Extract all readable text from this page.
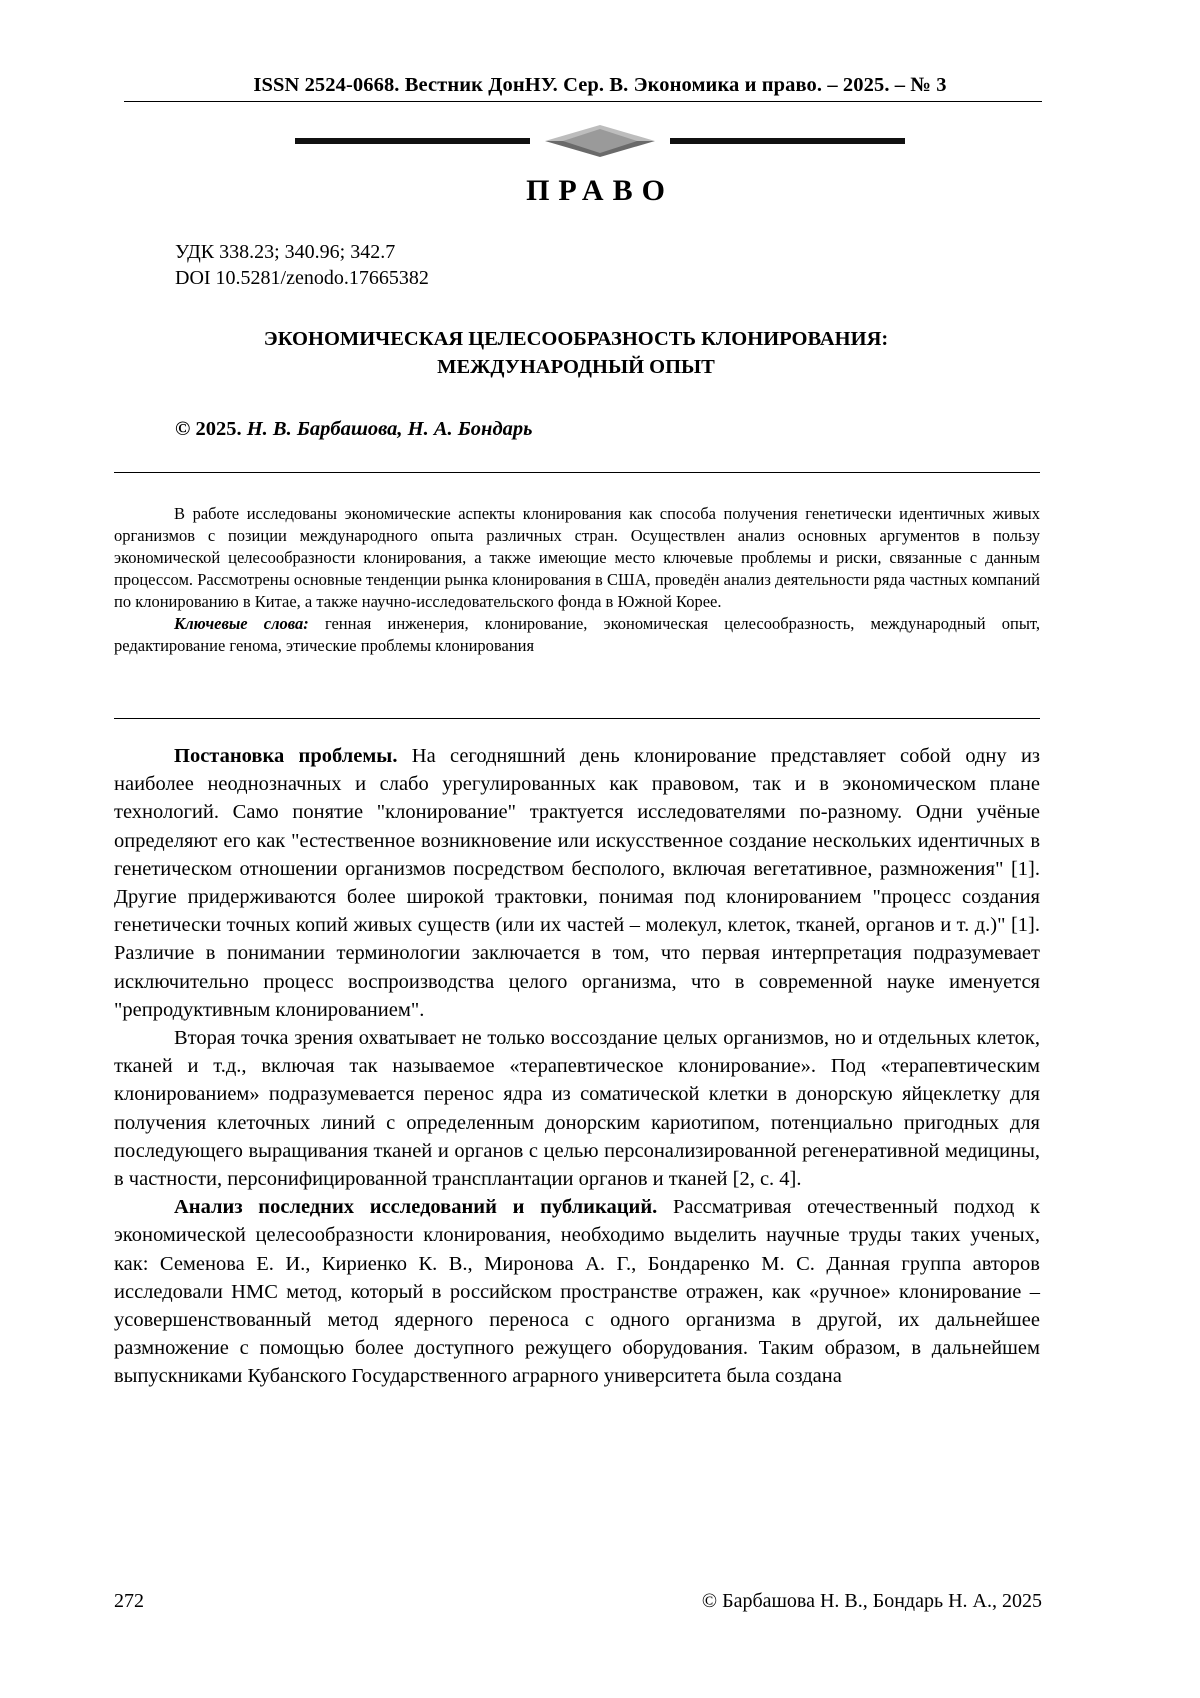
ISSN 2524-0668. Вестник ДонНУ. Сер. В. Экономика и право. – 2025. – № 3
ПРАВО
УДК 338.23; 340.96; 342.7
DOI 10.5281/zenodo.17665382
ЭКОНОМИЧЕСКАЯ ЦЕЛЕСООБРАЗНОСТЬ КЛОНИРОВАНИЯ:
МЕЖДУНАРОДНЫЙ ОПЫТ
© 2025. Н. В. Барбашова, Н. А. Бондарь

В работе исследованы экономические аспекты клонирования как способа получения генетически идентичных живых организмов с позиции международного опыта различных стран. Осуществлен анализ основных аргументов в пользу экономической целесообразности клонирования, а также имеющие место ключевые проблемы и риски, связанные с данным процессом. Рассмотрены основные тенденции рынка клонирования в США, проведён анализ деятельности ряда частных компаний по клонированию в Китае, а также научно-исследовательского фонда в Южной Корее.

Ключевые слова: генная инженерия, клонирование, экономическая целесообразность, международный опыт, редактирование генома, этические проблемы клонирования

Постановка проблемы. На сегодняшний день клонирование представляет собой одну из наиболее неоднозначных и слабо урегулированных как правовом, так и в экономическом плане технологий. Само понятие "клонирование" трактуется исследователями по-разному. Одни учёные определяют его как "естественное возникновение или искусственное создание нескольких идентичных в генетическом отношении организмов посредством бесполого, включая вегетативное, размножения" [1]. Другие придерживаются более широкой трактовки, понимая под клонированием "процесс создания генетически точных копий живых существ (или их частей – молекул, клеток, тканей, органов и т. д.)" [1]. Различие в понимании терминологии заключается в том, что первая интерпретация подразумевает исключительно процесс воспроизводства целого организма, что в современной науке именуется "репродуктивным клонированием".

Вторая точка зрения охватывает не только воссоздание целых организмов, но и отдельных клеток, тканей и т.д., включая так называемое «терапевтическое клонирование». Под «терапевтическим клонированием» подразумевается перенос ядра из соматической клетки в донорскую яйцеклетку для получения клеточных линий с определенным донорским кариотипом, потенциально пригодных для последующего выращивания тканей и органов с целью персонализированной регенеративной медицины, в частности, персонифицированной трансплантации органов и тканей [2, с. 4].

Анализ последних исследований и публикаций. Рассматривая отечественный подход к экономической целесообразности клонирования, необходимо выделить научные труды таких ученых, как: Семенова Е. И., Кириенко К. В., Миронова А. Г., Бондаренко М. С. Данная группа авторов исследовали HMC метод, который в российском пространстве отражен, как «ручное» клонирование – усовершенствованный метод ядерного переноса с одного организма в другой, их дальнейшее размножение с помощью более доступного режущего оборудования. Таким образом, в дальнейшем выпускниками Кубанского Государственного аграрного университета была создана

272	© Барбашова Н. В., Бондарь Н. А., 2025
